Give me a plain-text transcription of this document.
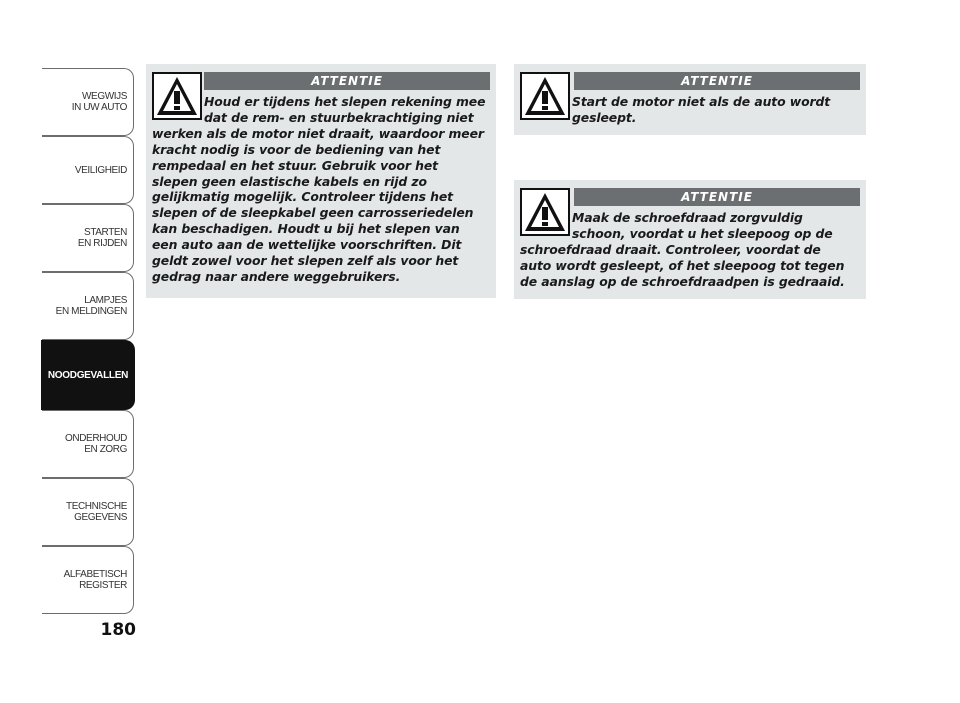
WEGWIJS
IN UW AUTO
VEILIGHEID
STARTEN
EN RIJDEN
LAMPJES
EN MELDINGEN
NOODGEVALLEN
ONDERHOUD
EN ZORG
TECHNISCHE
GEGEVENS
ALFABETISCH
REGISTER
180
ATTENTIE
Houd er tijdens het slepen rekening mee
dat de rem- en stuurbekrachtiging niet
werken als de motor niet draait, waardoor meer
kracht nodig is voor de bediening van het
rempedaal en het stuur. Gebruik voor het
slepen geen elastische kabels en rijd zo
gelijkmatig mogelijk. Controleer tijdens het
slepen of de sleepkabel geen carrosseriedelen
kan beschadigen. Houdt u bij het slepen van
een auto aan de wettelijke voorschriften. Dit
geldt zowel voor het slepen zelf als voor het
gedrag naar andere weggebruikers.
ATTENTIE
Start de motor niet als de auto wordt
gesleept.
ATTENTIE
Maak de schroefdraad zorgvuldig
schoon, voordat u het sleepoog op de
schroefdraad draait. Controleer, voordat de
auto wordt gesleept, of het sleepoog tot tegen
de aanslag op de schroefdraadpen is gedraaid.
